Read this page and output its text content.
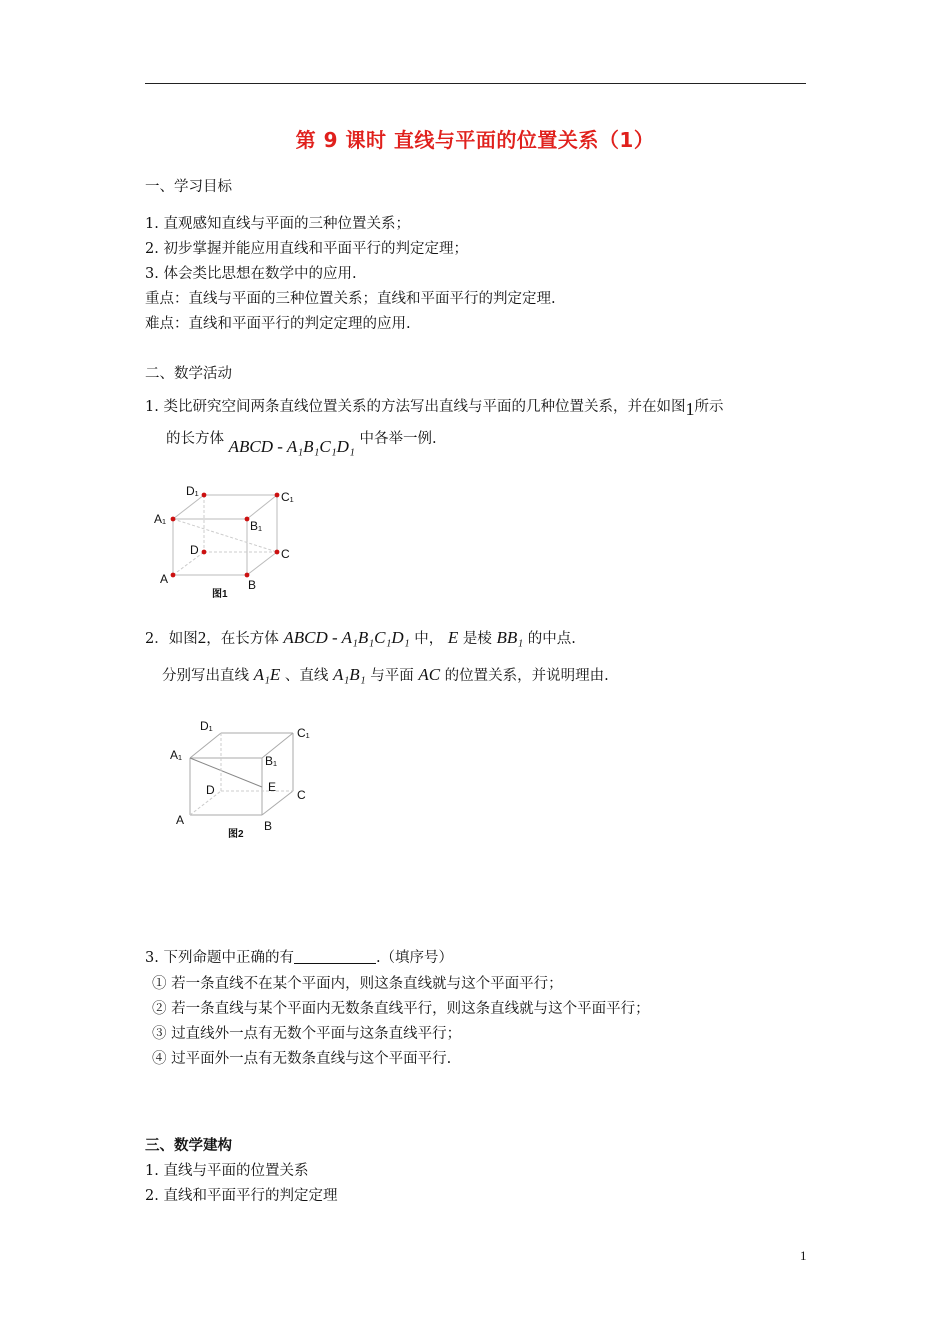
第 9 课时 直线与平面的位置关系（1）
一、学习目标
1. 直观感知直线与平面的三种位置关系；
2. 初步掌握并能应用直线和平面平行的判定定理；
3. 体会类比思想在数学中的应用.
重点：直线与平面的三种位置关系；直线和平面平行的判定定理.
难点：直线和平面平行的判定定理的应用.
二、数学活动
1. 类比研究空间两条直线位置关系的方法写出直线与平面的几种位置关系，并在如图1所示
的长方体 ABCD - A₁B₁C₁D₁ 中各举一例.
D₁	C₁
A₁	B₁
D	C
A	B
图1
2．如图2，在长方体 ABCD - A₁B₁C₁D₁ 中， E 是棱 BB₁ 的中点.
分别写出直线 A₁E 、直线 A₁B₁ 与平面 AC 的位置关系，并说明理由.
D₁	C₁
A₁	B₁
E
D	C
A	B
图2
3. 下列命题中正确的有	.（填序号）
① 若一条直线不在某个平面内，则这条直线就与这个平面平行；
② 若一条直线与某个平面内无数条直线平行，则这条直线就与这个平面平行；
③ 过直线外一点有无数个平面与这条直线平行；
④ 过平面外一点有无数条直线与这个平面平行.
三、数学建构
1. 直线与平面的位置关系
2. 直线和平面平行的判定定理
1
